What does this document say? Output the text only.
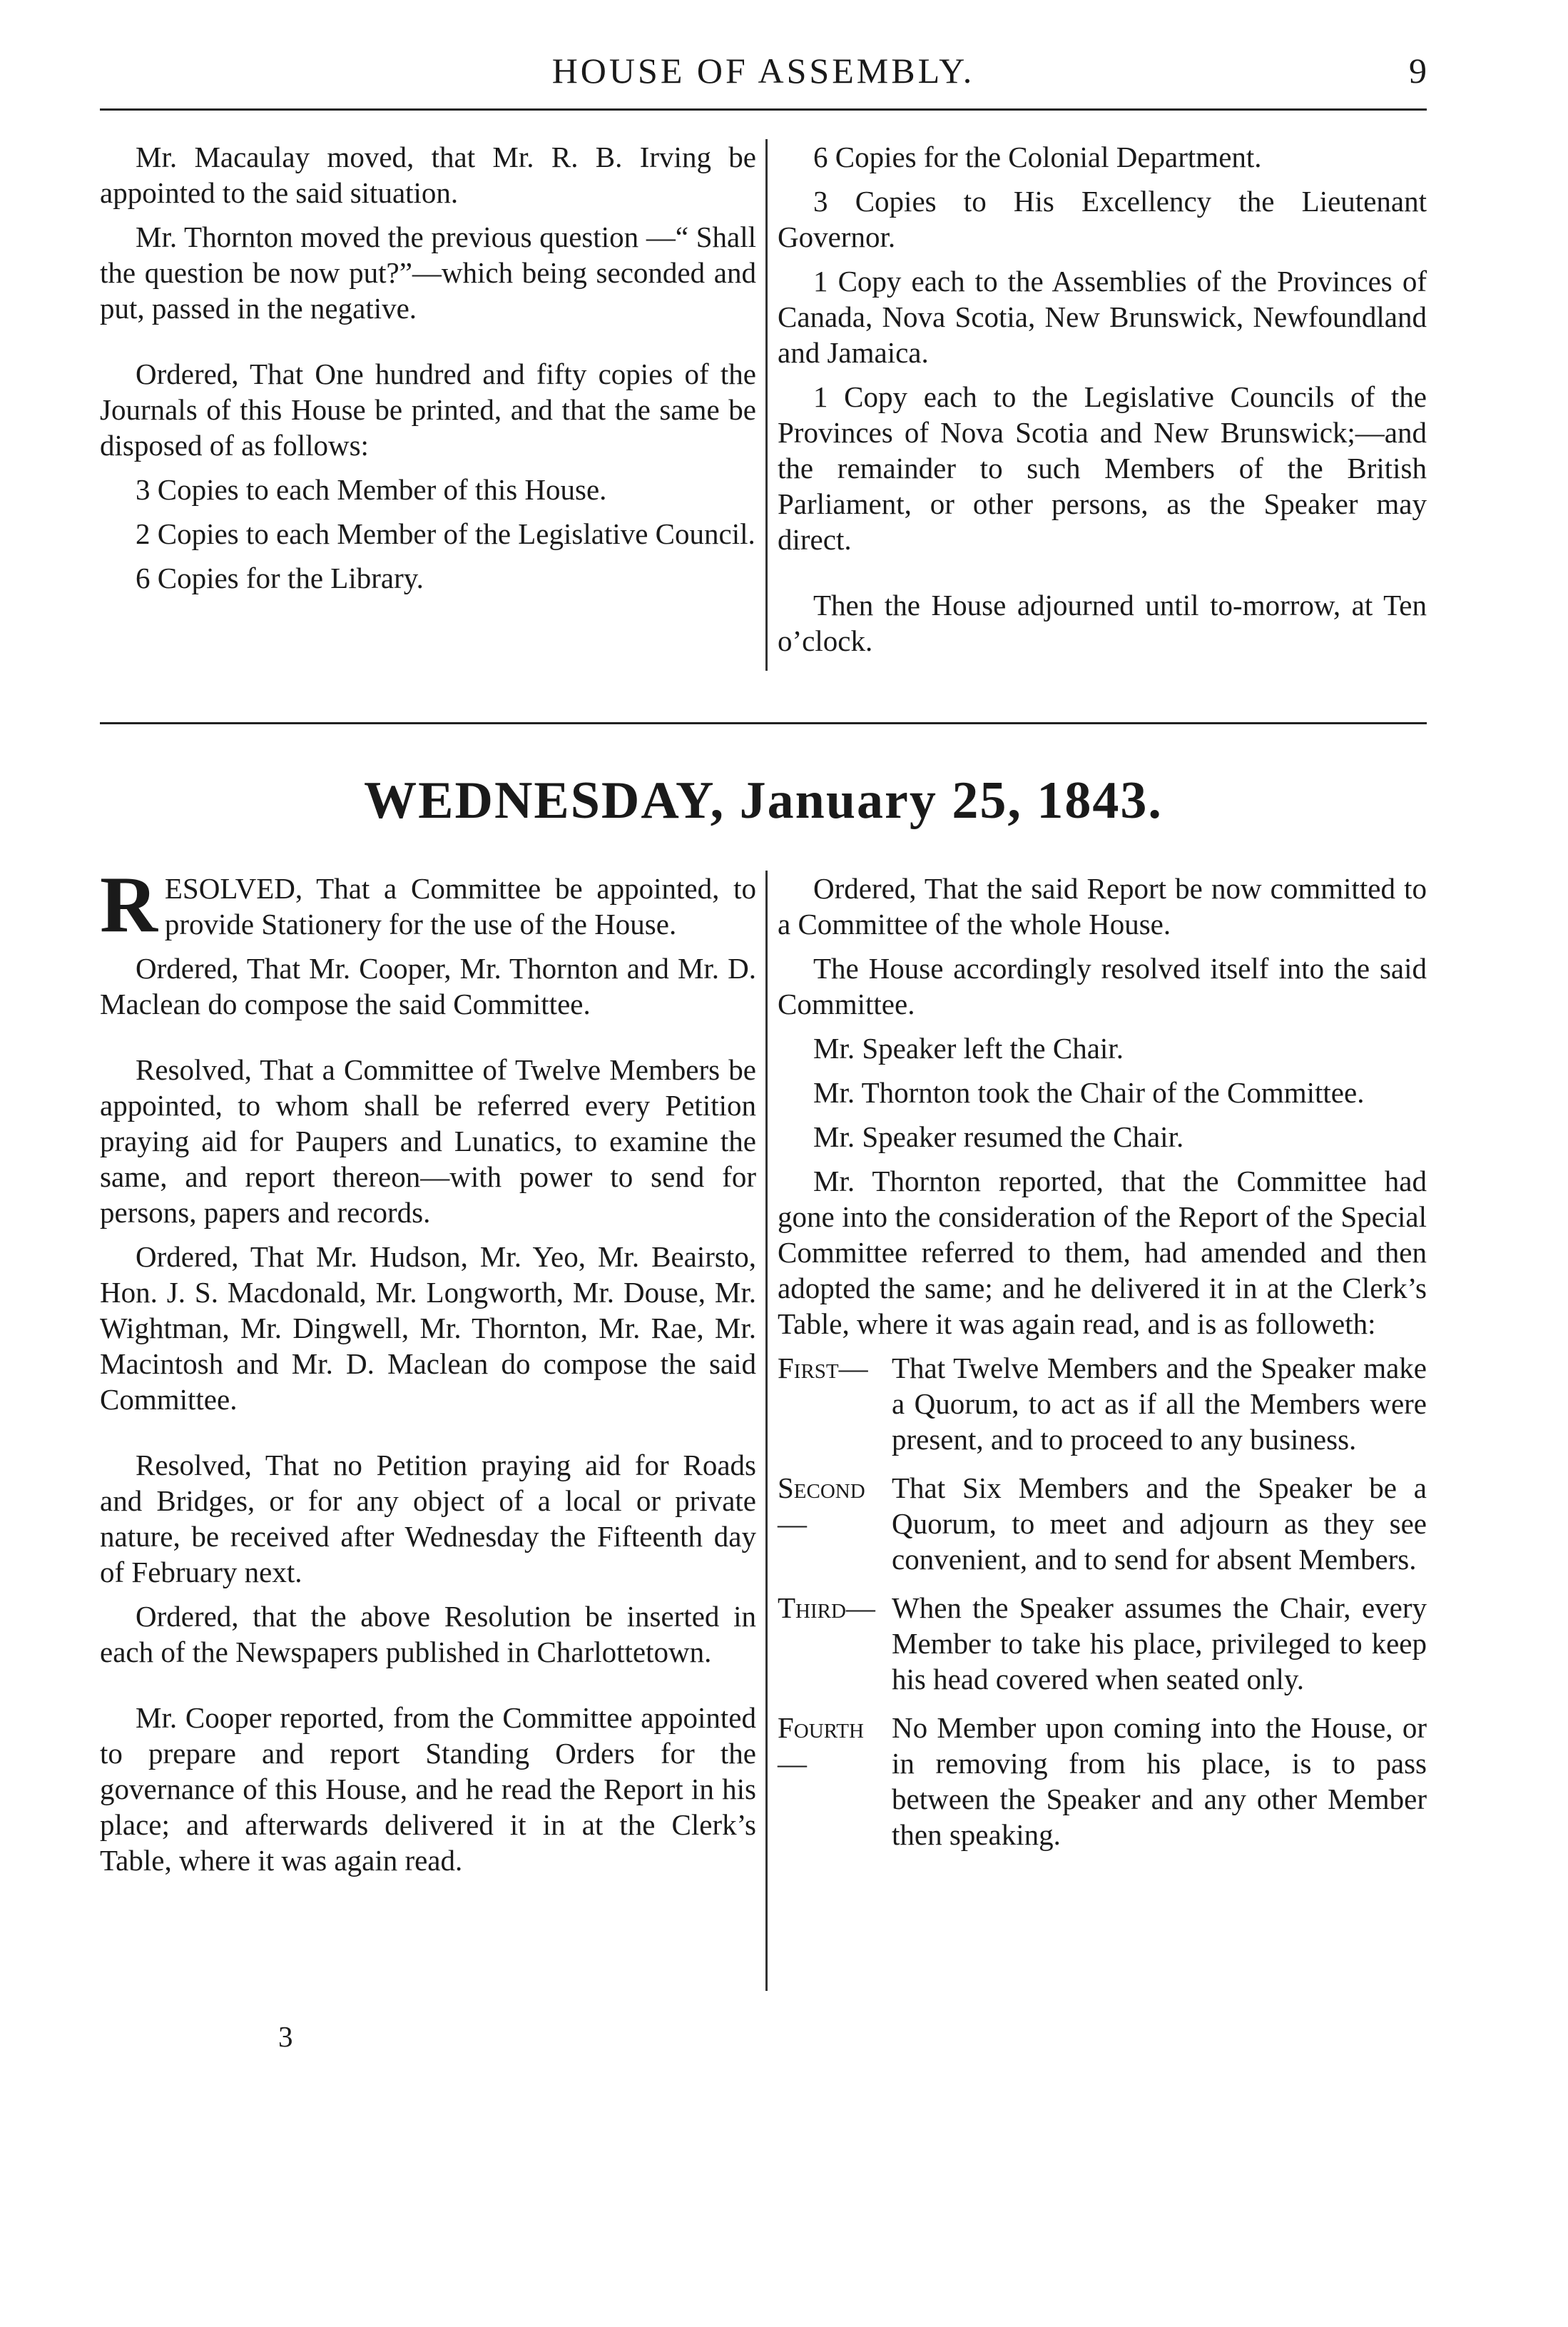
HOUSE OF ASSEMBLY.	9

Mr. Macaulay moved, that Mr. R. B. Irving be appointed to the said situation.

Mr. Thornton moved the previous question —“ Shall the question be now put?”—which being seconded and put, passed in the negative.

Ordered, That One hundred and fifty copies of the Journals of this House be printed, and that the same be disposed of as follows:

3 Copies to each Member of this House.

2 Copies to each Member of the Legislative Council.

6 Copies for the Library.

6 Copies for the Colonial Department.

3 Copies to His Excellency the Lieutenant Governor.

1 Copy each to the Assemblies of the Provinces of Canada, Nova Scotia, New Brunswick, Newfoundland and Jamaica.

1 Copy each to the Legislative Councils of the Provinces of Nova Scotia and New Brunswick;—and the remainder to such Members of the British Parliament, or other persons, as the Speaker may direct.

Then the House adjourned until to-morrow, at Ten o’clock.

WEDNESDAY, January 25, 1843.

RESOLVED, That a Committee be appointed, to provide Stationery for the use of the House.

Ordered, That Mr. Cooper, Mr. Thornton and Mr. D. Maclean do compose the said Committee.

Resolved, That a Committee of Twelve Members be appointed, to whom shall be referred every Petition praying aid for Paupers and Lunatics, to examine the same, and report thereon—with power to send for persons, papers and records.

Ordered, That Mr. Hudson, Mr. Yeo, Mr. Beairsto, Hon. J. S. Macdonald, Mr. Longworth, Mr. Douse, Mr. Wightman, Mr. Dingwell, Mr. Thornton, Mr. Rae, Mr. Macintosh and Mr. D. Maclean do compose the said Committee.

Resolved, That no Petition praying aid for Roads and Bridges, or for any object of a local or private nature, be received after Wednesday the Fifteenth day of February next.

Ordered, that the above Resolution be inserted in each of the Newspapers published in Charlottetown.

Mr. Cooper reported, from the Committee appointed to prepare and report Standing Orders for the governance of this House, and he read the Report in his place; and afterwards delivered it in at the Clerk’s Table, where it was again read.

Ordered, That the said Report be now committed to a Committee of the whole House.

The House accordingly resolved itself into the said Committee.

Mr. Speaker left the Chair.

Mr. Thornton took the Chair of the Committee.

Mr. Speaker resumed the Chair.

Mr. Thornton reported, that the Committee had gone into the consideration of the Report of the Special Committee referred to them, had amended and then adopted the same; and he delivered it in at the Clerk’s Table, where it was again read, and is as followeth:

First— That Twelve Members and the Speaker make a Quorum, to act as if all the Members were present, and to proceed to any business.
Second—
That Six Members and the Speaker be a Quorum, to meet and adjourn as they see convenient, and to send for absent Members.
Third— When the Speaker assumes the Chair, every Member to take his place, privileged to keep his head covered when seated only.
Fourth—
No Member upon coming into the House, or in removing from his place, is to pass between the Speaker and any other Member then speaking.
3
